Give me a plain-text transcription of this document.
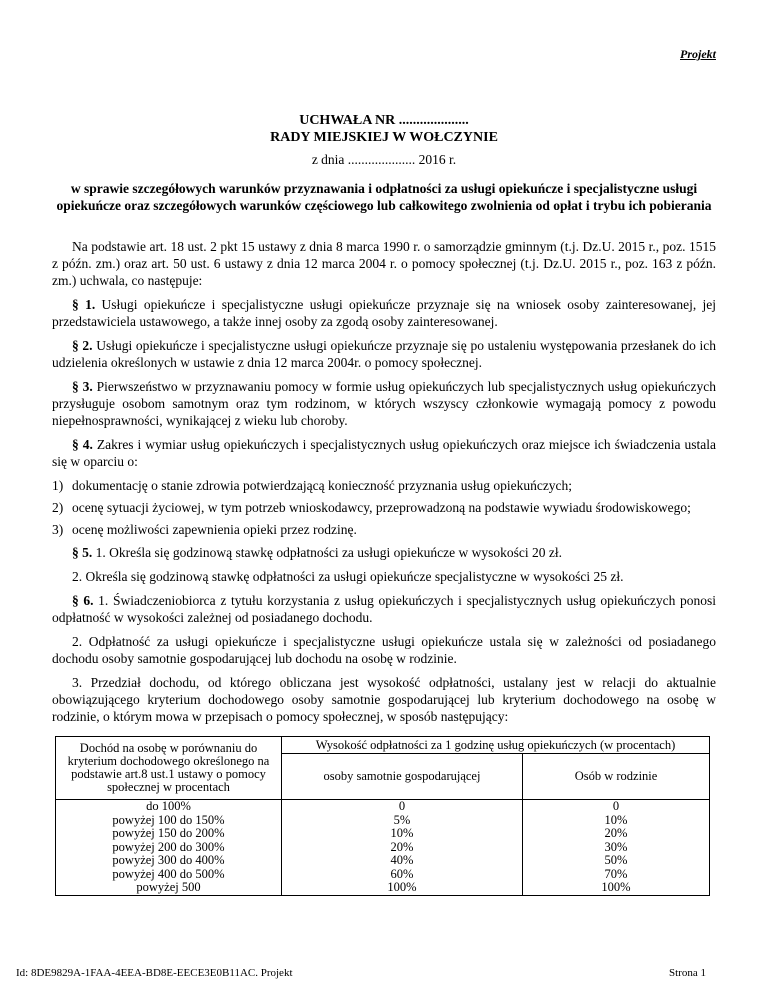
Projekt
UCHWAŁA NR ....................
RADY MIEJSKIEJ W WOŁCZYNIE
z dnia .................... 2016 r.
w sprawie szczegółowych warunków przyznawania i odpłatności za usługi opiekuńcze i specjalistyczne usługi opiekuńcze oraz szczegółowych warunków częściowego lub całkowitego zwolnienia od opłat i trybu ich pobierania

Na podstawie art. 18 ust. 2 pkt 15 ustawy z dnia 8 marca 1990 r. o samorządzie gminnym (t.j. Dz.U. 2015 r., poz. 1515 z późn. zm.) oraz art. 50 ust. 6 ustawy z dnia 12 marca 2004 r. o pomocy społecznej (t.j. Dz.U. 2015 r., poz. 163 z późn. zm.) uchwala, co następuje:

§ 1. Usługi opiekuńcze i specjalistyczne usługi opiekuńcze przyznaje się na wniosek osoby zainteresowanej, jej przedstawiciela ustawowego, a także innej osoby za zgodą osoby zainteresowanej.

§ 2. Usługi opiekuńcze i specjalistyczne usługi opiekuńcze przyznaje się po ustaleniu występowania przesłanek do ich udzielenia określonych w ustawie z dnia 12 marca 2004r. o pomocy społecznej.

§ 3. Pierwszeństwo w przyznawaniu pomocy w formie usług opiekuńczych lub specjalistycznych usług opiekuńczych przysługuje osobom samotnym oraz tym rodzinom, w których wszyscy członkowie wymagają pomocy z powodu niepełnosprawności, wynikającej z wieku lub choroby.

§ 4. Zakres i wymiar usług opiekuńczych i specjalistycznych usług opiekuńczych oraz miejsce ich świadczenia ustala się w oparciu o:

1) dokumentację o stanie zdrowia potwierdzającą konieczność przyznania usług opiekuńczych;
2) ocenę sytuacji życiowej, w tym potrzeb wnioskodawcy, przeprowadzoną na podstawie wywiadu środowiskowego;
3) ocenę możliwości zapewnienia opieki przez rodzinę.

§ 5. 1. Określa się godzinową stawkę odpłatności za usługi opiekuńcze w wysokości 20 zł.

2. Określa się godzinową stawkę odpłatności za usługi opiekuńcze specjalistyczne w wysokości 25 zł.

§ 6. 1. Świadczeniobiorca z tytułu korzystania z usług opiekuńczych i specjalistycznych usług opiekuńczych ponosi odpłatność w wysokości zależnej od posiadanego dochodu.

2. Odpłatność za usługi opiekuńcze i specjalistyczne usługi opiekuńcze ustala się w zależności od posiadanego dochodu osoby samotnie gospodarującej lub dochodu na osobę w rodzinie.

3. Przedział dochodu, od którego obliczana jest wysokość odpłatności, ustalany jest w relacji do aktualnie obowiązującego kryterium dochodowego osoby samotnie gospodarującej lub kryterium dochodowego na osobę w rodzinie, o którym mowa w przepisach o pomocy społecznej, w sposób następujący:

Dochód na osobę w porównaniu do kryterium dochodowego określonego na podstawie art.8 ust.1 ustawy o pomocy społecznej w procentach	Wysokość odpłatności za 1 godzinę usług opiekuńczych (w procentach)	
	osoby samotnie gospodarującej	Osób w rodzinie
do 100%	0	0
powyżej 100 do 150%	5%	10%
powyżej 150 do 200%	10%	20%
powyżej 200 do 300%	20%	30%
powyżej 300 do 400%	40%	50%
powyżej 400 do 500%	60%	70%
powyżej 500	100%	100%
Id: 8DE9829A-1FAA-4EEA-BD8E-EECE3E0B11AC. Projekt	Strona 1
